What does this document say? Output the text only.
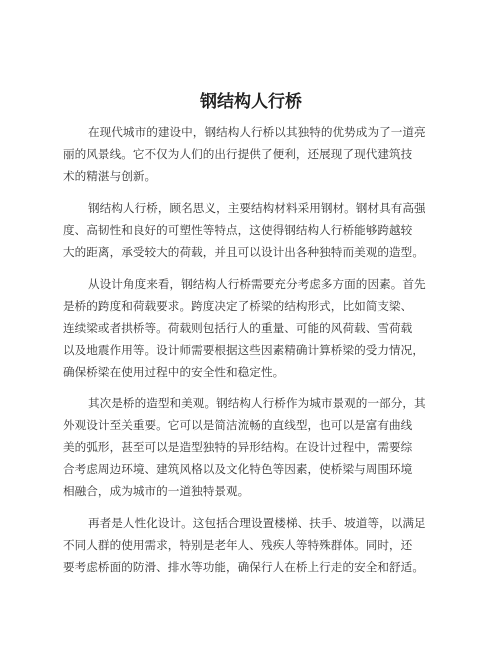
钢结构人行桥
在现代城市的建设中，钢结构人行桥以其独特的优势成为了一道亮
丽的风景线。它不仅为人们的出行提供了便利，还展现了现代建筑技
术的精湛与创新。
钢结构人行桥，顾名思义，主要结构材料采用钢材。钢材具有高强
度、高韧性和良好的可塑性等特点，这使得钢结构人行桥能够跨越较
大的距离，承受较大的荷载，并且可以设计出各种独特而美观的造型。
从设计角度来看，钢结构人行桥需要充分考虑多方面的因素。首先
是桥的跨度和荷载要求。跨度决定了桥梁的结构形式，比如简支梁、
连续梁或者拱桥等。荷载则包括行人的重量、可能的风荷载、雪荷载
以及地震作用等。设计师需要根据这些因素精确计算桥梁的受力情况，
确保桥梁在使用过程中的安全性和稳定性。
其次是桥的造型和美观。钢结构人行桥作为城市景观的一部分，其
外观设计至关重要。它可以是简洁流畅的直线型，也可以是富有曲线
美的弧形，甚至可以是造型独特的异形结构。在设计过程中，需要综
合考虑周边环境、建筑风格以及文化特色等因素，使桥梁与周围环境
相融合，成为城市的一道独特景观。
再者是人性化设计。这包括合理设置楼梯、扶手、坡道等，以满足
不同人群的使用需求，特别是老年人、残疾人等特殊群体。同时，还
要考虑桥面的防滑、排水等功能，确保行人在桥上行走的安全和舒适。
